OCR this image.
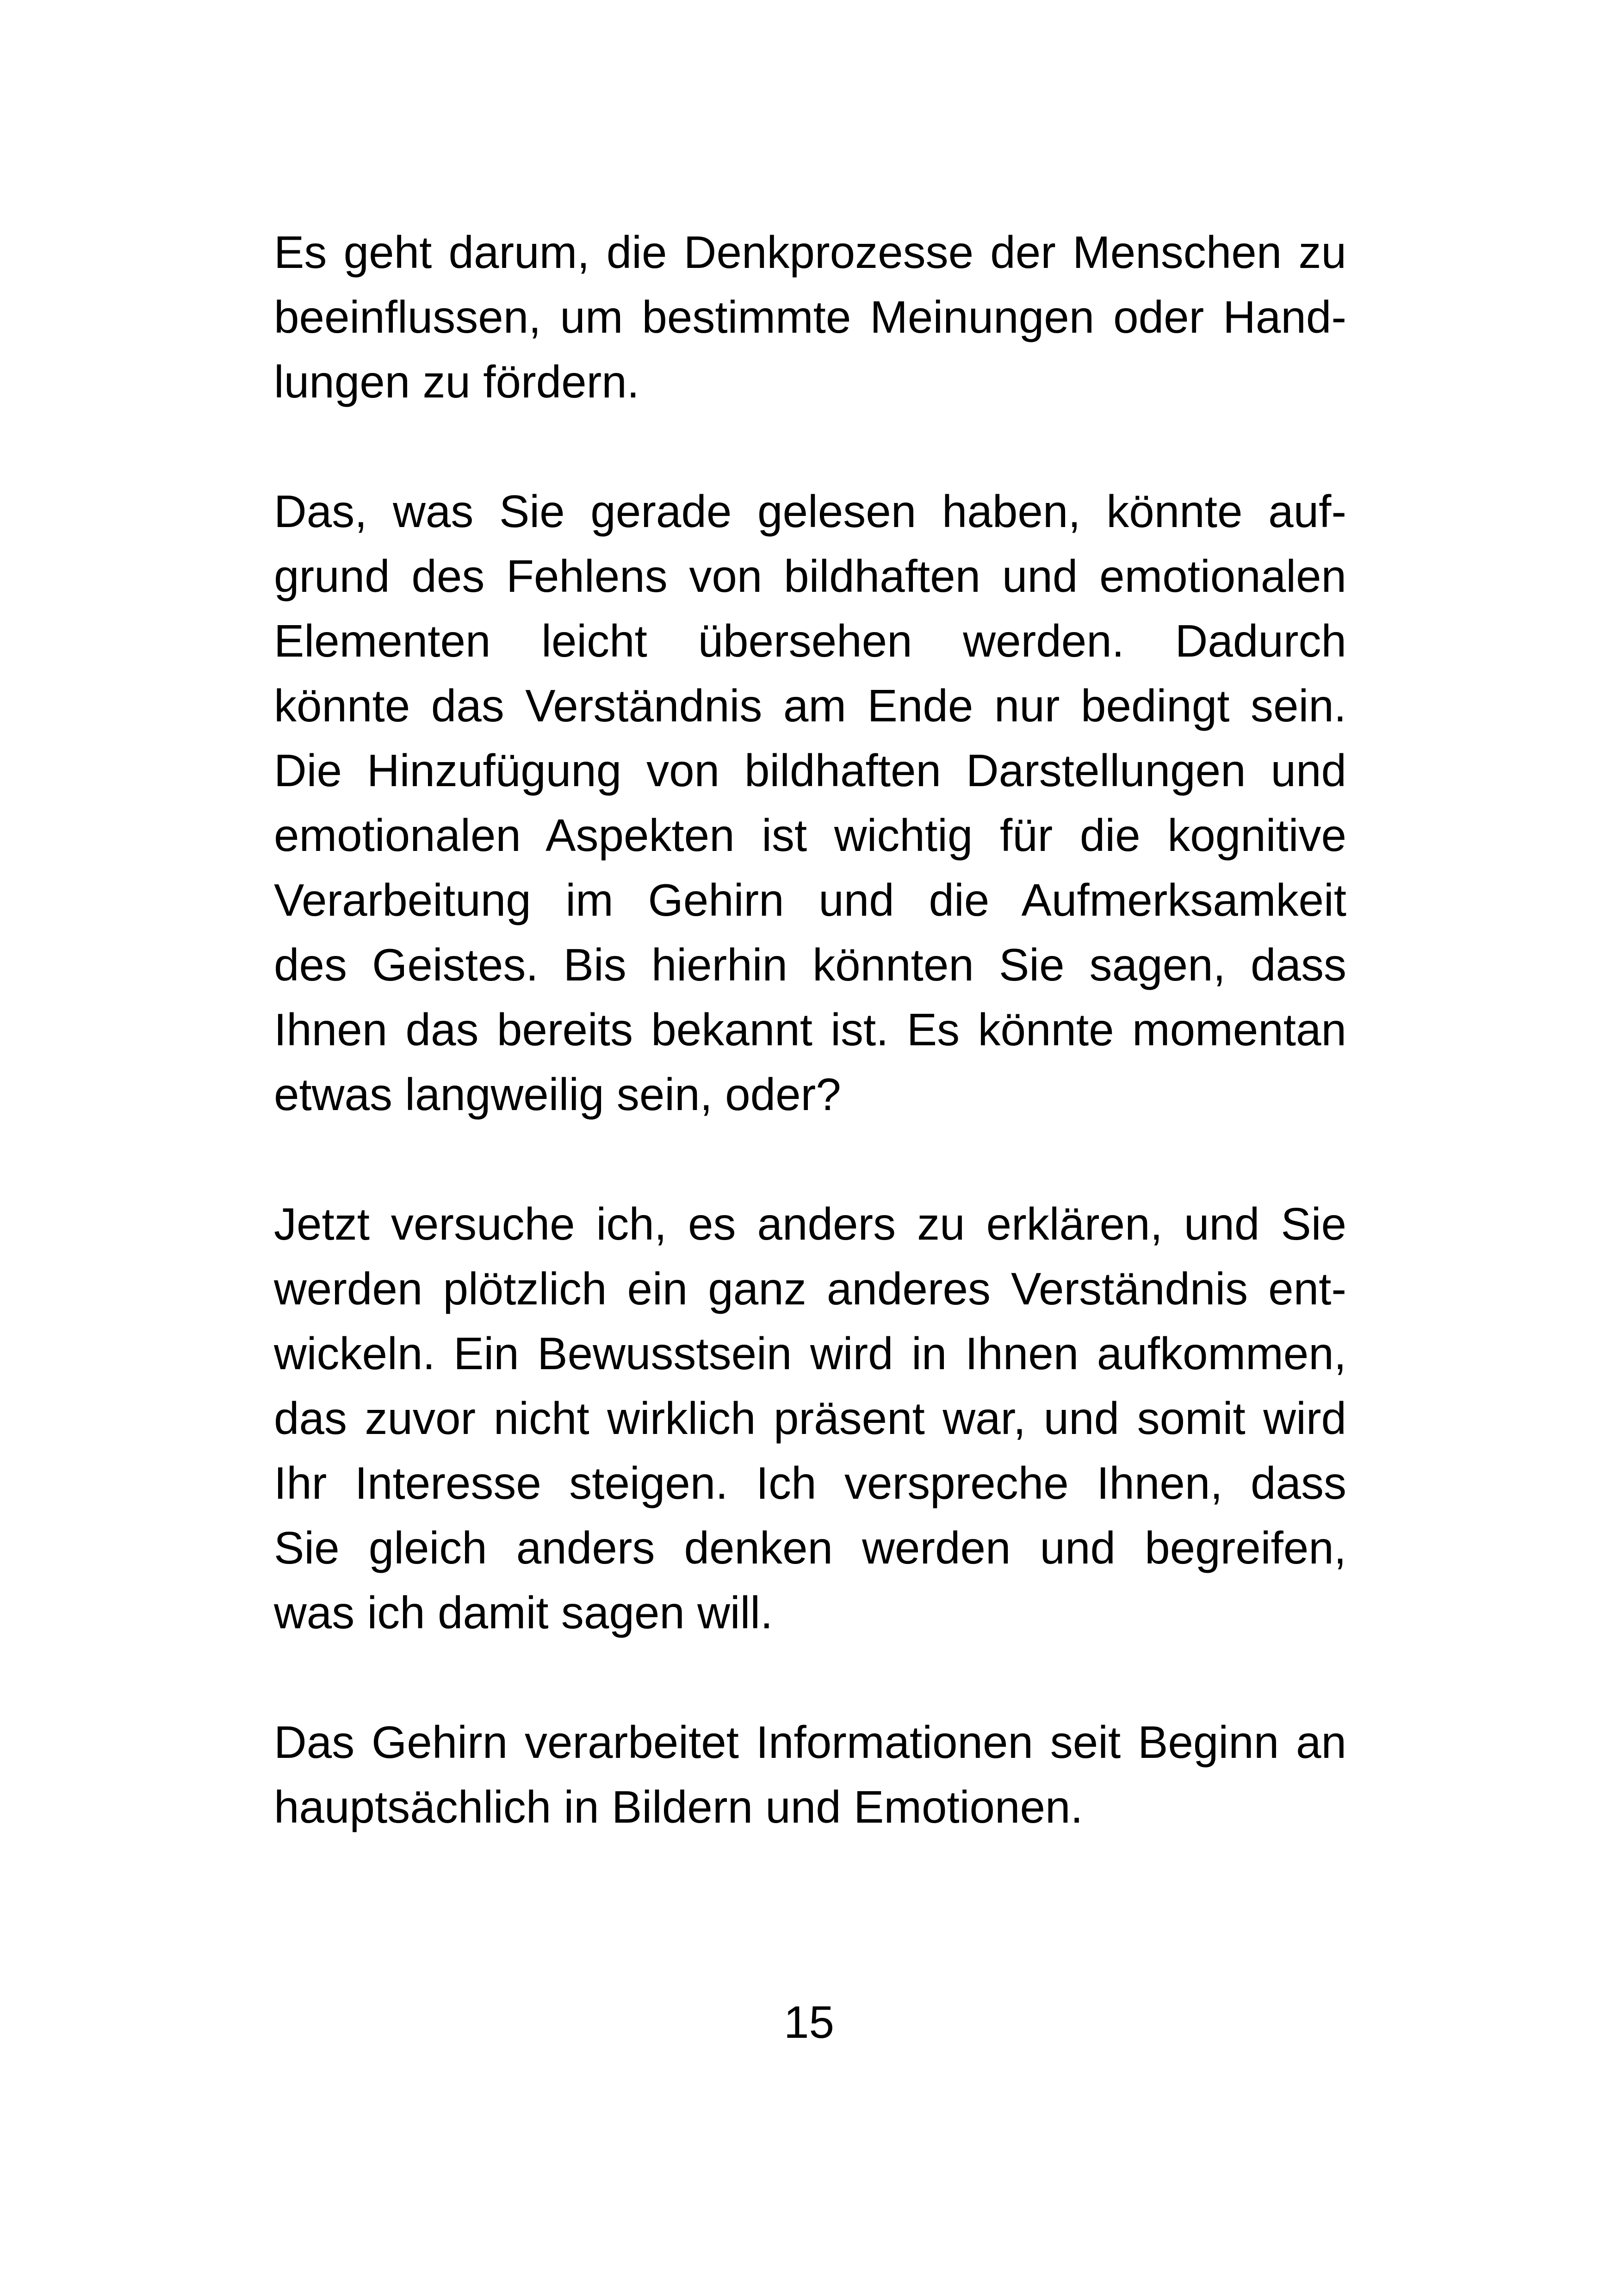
Es geht darum, die Denkprozesse der Menschen zu
beeinflussen, um bestimmte Meinungen oder Hand-
lungen zu fördern.
Das, was Sie gerade gelesen haben, könnte auf-
grund des Fehlens von bildhaften und emotionalen
Elementen leicht übersehen werden. Dadurch
könnte das Verständnis am Ende nur bedingt sein.
Die Hinzufügung von bildhaften Darstellungen und
emotionalen Aspekten ist wichtig für die kognitive
Verarbeitung im Gehirn und die Aufmerksamkeit
des Geistes. Bis hierhin könnten Sie sagen, dass
Ihnen das bereits bekannt ist. Es könnte momentan
etwas langweilig sein, oder?
Jetzt versuche ich, es anders zu erklären, und Sie
werden plötzlich ein ganz anderes Verständnis ent-
wickeln. Ein Bewusstsein wird in Ihnen aufkommen,
das zuvor nicht wirklich präsent war, und somit wird
Ihr Interesse steigen. Ich verspreche Ihnen, dass
Sie gleich anders denken werden und begreifen,
was ich damit sagen will.
Das Gehirn verarbeitet Informationen seit Beginn an
hauptsächlich in Bildern und Emotionen.
15
